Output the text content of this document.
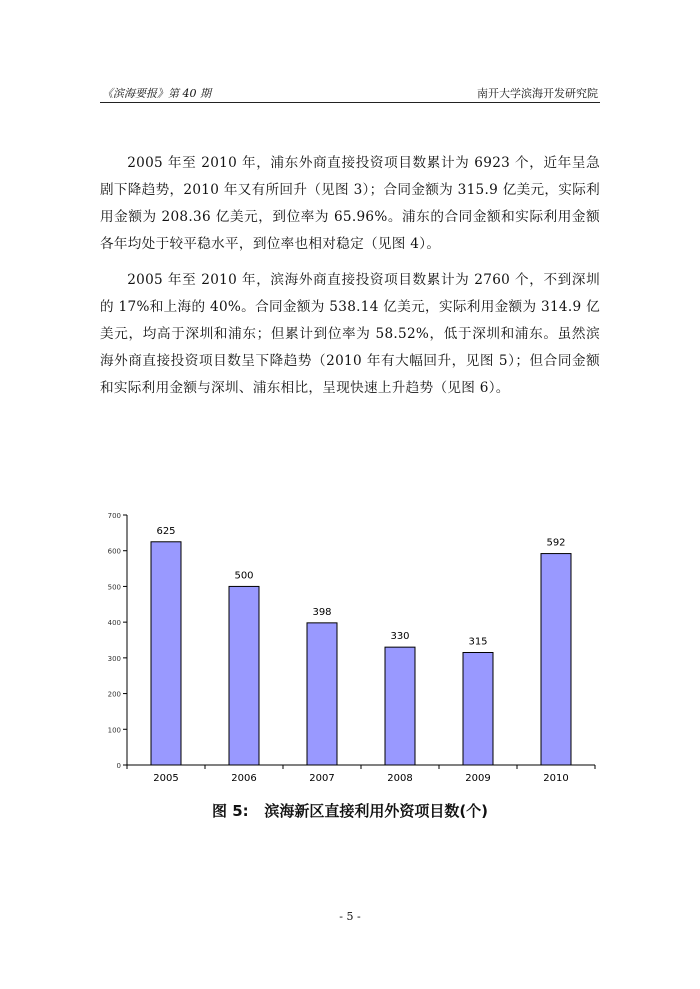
《滨海要报》第 40 期	南开大学滨海开发研究院

2005 年至 2010 年，浦东外商直接投资项目数累计为 6923 个，近年呈急剧下降趋势，2010 年又有所回升（见图 3）；合同金额为 315.9 亿美元，实际利用金额为 208.36 亿美元，到位率为 65.96%。浦东的合同金额和实际利用金额各年均处于较平稳水平，到位率也相对稳定（见图 4）。

2005 年至 2010 年，滨海外商直接投资项目数累计为 2760 个，不到深圳的 17%和上海的 40%。合同金额为 538.14 亿美元，实际利用金额为 314.9 亿美元，均高于深圳和浦东；但累计到位率为 58.52%，低于深圳和浦东。虽然滨海外商直接投资项目数呈下降趋势（2010 年有大幅回升，见图 5）；但合同金额和实际利用金额与深圳、浦东相比，呈现快速上升趋势（见图 6）。

0
100
200
300
400
500
600
700
625
2005
500
2006
398
2007
330
2008
315
2009
592
2010
图 5: 滨海新区直接利用外资项目数(个)
- 5 -
